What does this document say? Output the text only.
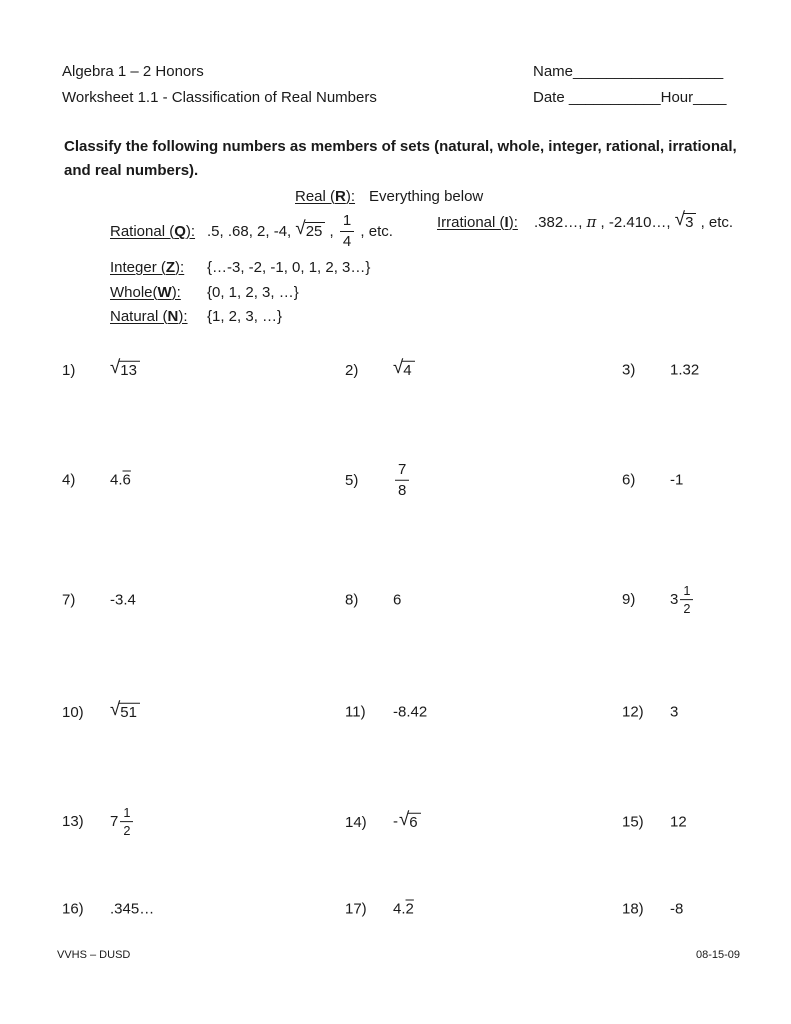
Algebra 1 – 2 Honors
Worksheet 1.1 - Classification of Real Numbers
Name__________________
Date ___________Hour____
Classify the following numbers as members of sets (natural, whole, integer, rational, irrational,
and real numbers).
Real (R): Everything below
Rational (Q): .5, .68, 2, -4, √ 25 , $\frac{1}{4}$ , etc.
Irrational (I):	.382…, π , -2.410…, √ 3 , etc.
Integer (Z):	{…-3, -2, -1, 0, 1, 2, 3…}
Whole(W):	{0, 1, 2, 3, …}
Natural (N):	{1, 2, 3, …}
1)	√ 13	2)	√ 4	3)	1.32
4)	4.6	5)	$\frac{7}{8}$	6)	-1
7)	-3.4	8)	6	9)	$3 \frac{1}{2}$
10)	√ 51	11)	-8.42	12)	3
13)	$7 \frac{1}{2}$	14)	- √ 6	15)	12
16)	.345…	17)	4.2	18)	-8
VVHS – DUSD	08-15-09
